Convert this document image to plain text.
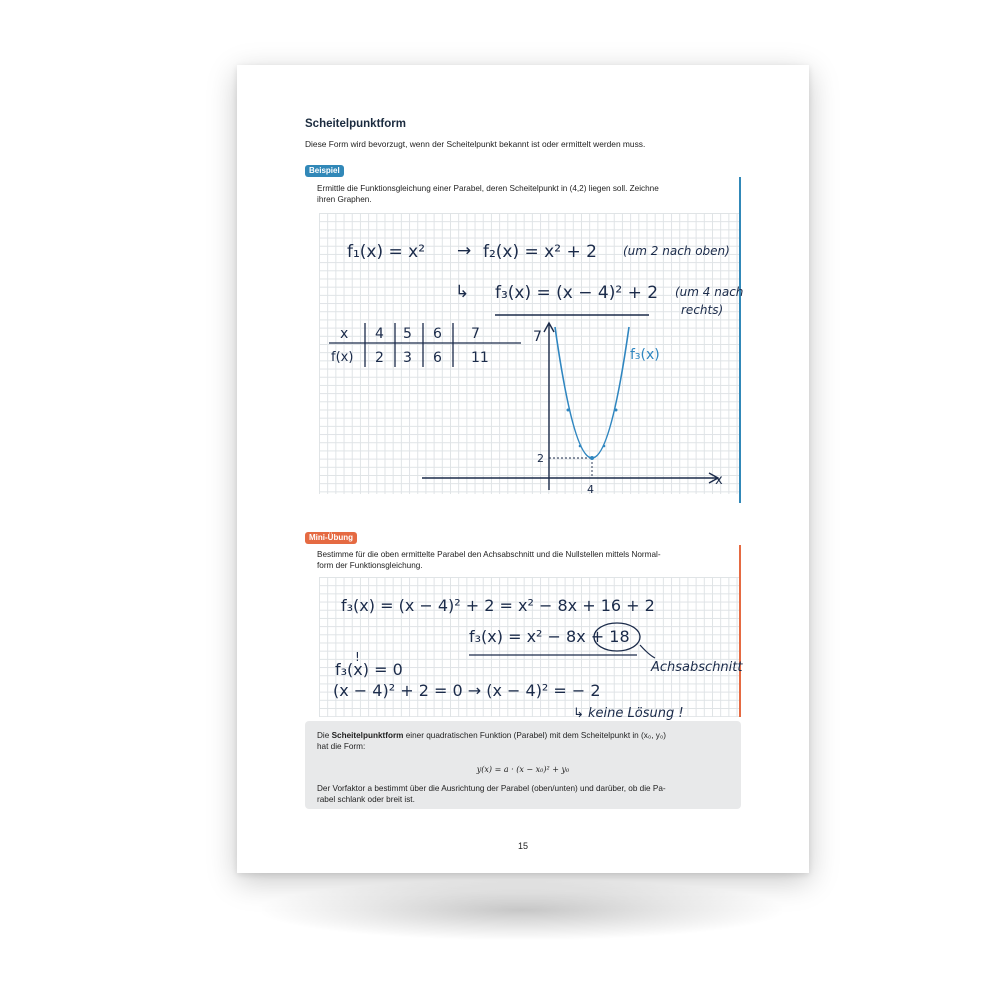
Scheitelpunktform
Diese Form wird bevorzugt, wenn der Scheitelpunkt bekannt ist oder ermittelt werden muss.
Beispiel
Ermittle die Funktionsgleichung einer Parabel, deren Scheitelpunkt in (4,2) liegen soll. Zeichne
ihren Graphen.
Mini-Übung
Bestimme für die oben ermittelte Parabel den Achsabschnitt und die Nullstellen mittels Normal-
form der Funktionsgleichung.
f₁(x) = x² → f₂(x) = x² + 2 (um 2 nach oben)
↳ f₃(x) = (x − 4)² + 2 (um 4 nach
rechts)
x
f(x)
4 5 6 7
2 3 6 11
x
7
2
4
f₃(x)
f₃(x) = (x − 4)² + 2 = x² − 8x + 16 + 2
f₃(x) = x² − 8x + 18
Achsabschnitt
!
f₃(x) = 0
(x − 4)² + 2 = 0 → (x − 4)² = − 2
↳ keine Lösung !
Die Scheitelpunktform einer quadratischen Funktion (Parabel) mit dem Scheitelpunkt in (x₀, y₀)
hat die Form:
y(x) = a · (x − x₀)² + y₀
Der Vorfaktor a bestimmt über die Ausrichtung der Parabel (oben/unten) und darüber, ob die Pa-
rabel schlank oder breit ist.
15
